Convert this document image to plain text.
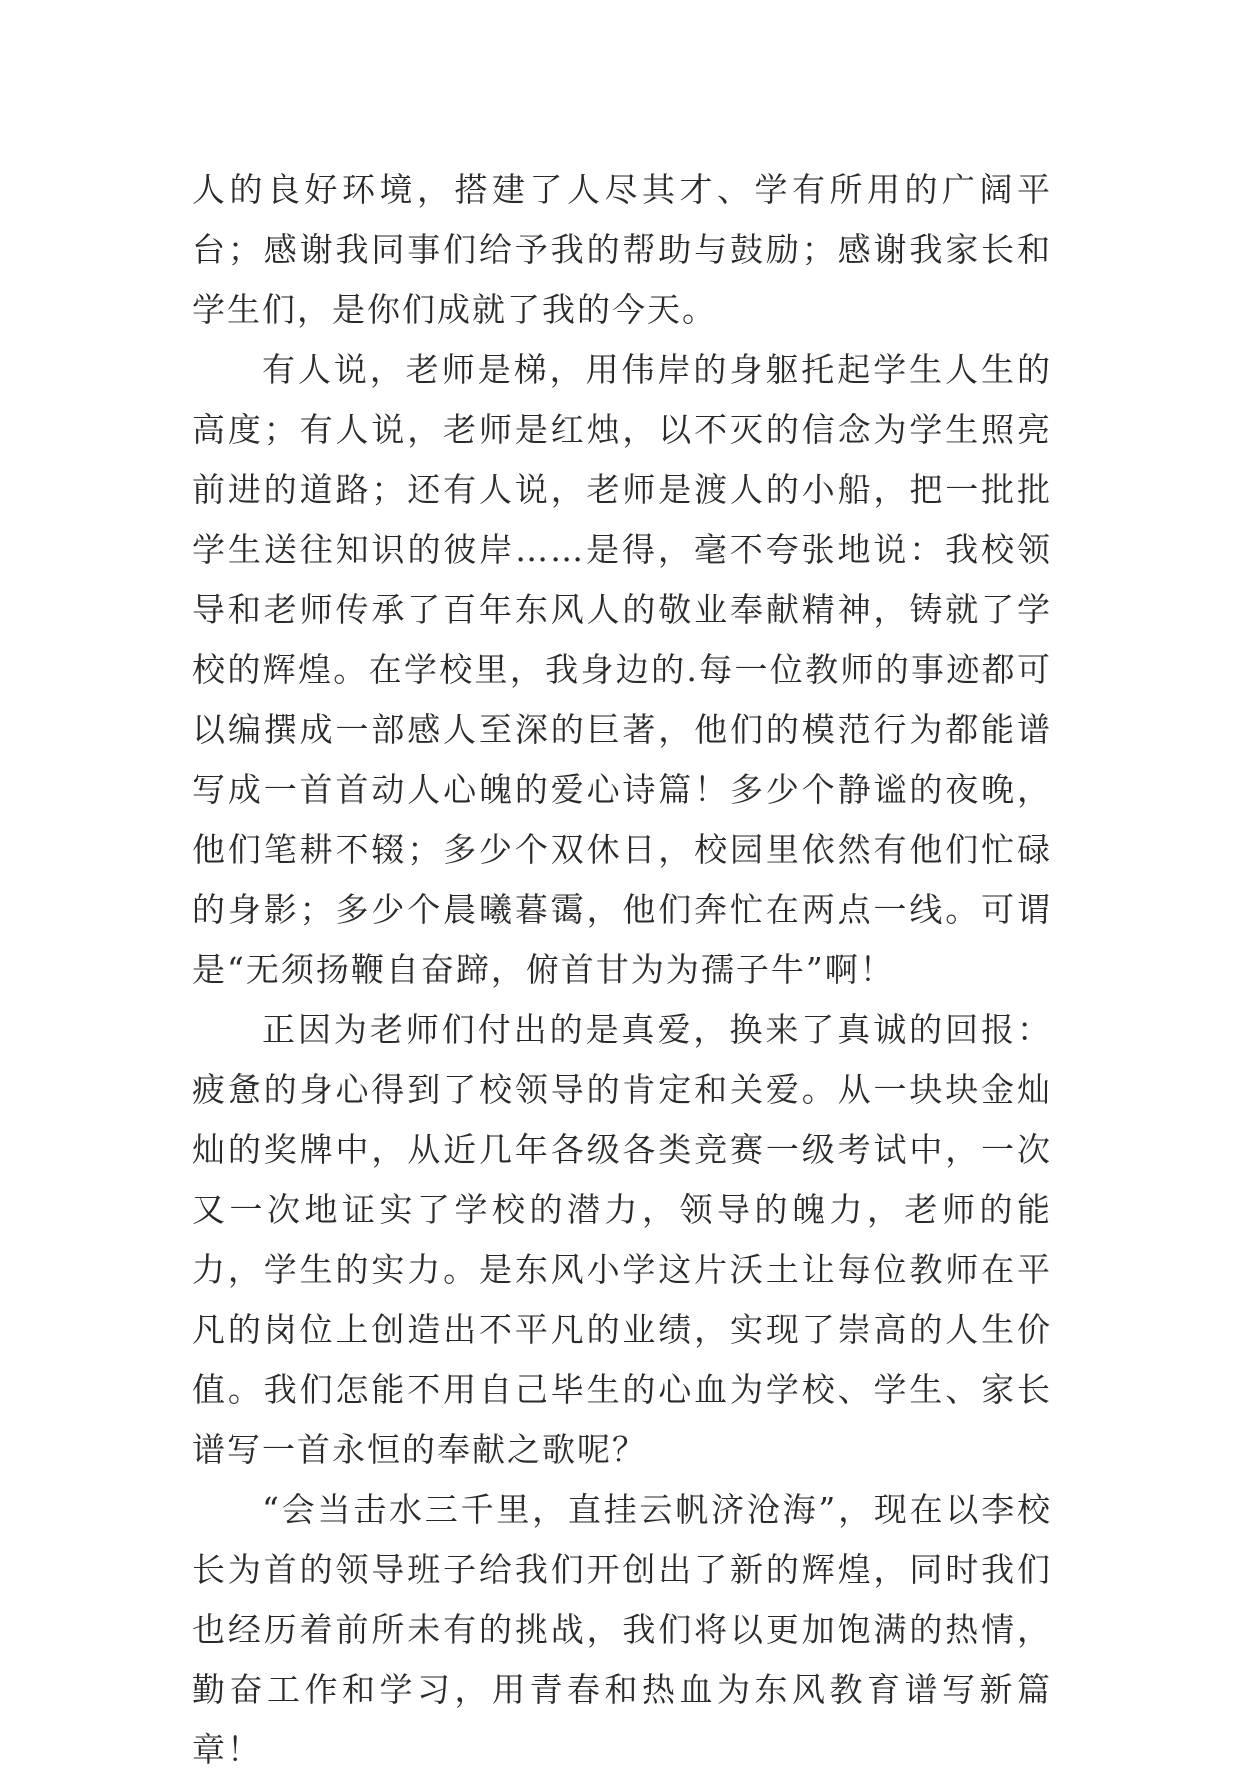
人的良好环境，搭建了人尽其才、学有所用的广阔平台；感谢我同事们给予我的帮助与鼓励；感谢我家长和学生们，是你们成就了我的今天。

有人说，老师是梯，用伟岸的身躯托起学生人生的高度；有人说，老师是红烛，以不灭的信念为学生照亮前进的道路；还有人说，老师是渡人的小船，把一批批学生送往知识的彼岸……是得，毫不夸张地说：我校领导和老师传承了百年东风人的敬业奉献精神，铸就了学校的辉煌。在学校里，我身边的.每一位教师的事迹都可以编撰成一部感人至深的巨著，他们的模范行为都能谱写成一首首动人心魄的爱心诗篇！多少个静谧的夜晚，他们笔耕不辍；多少个双休日，校园里依然有他们忙碌的身影；多少个晨曦暮霭，他们奔忙在两点一线。可谓是“无须扬鞭自奋蹄，俯首甘为为孺子牛”啊！

正因为老师们付出的是真爱，换来了真诚的回报：疲惫的身心得到了校领导的肯定和关爱。从一块块金灿灿的奖牌中，从近几年各级各类竞赛一级考试中，一次又一次地证实了学校的潜力，领导的魄力，老师的能力，学生的实力。是东风小学这片沃土让每位教师在平凡的岗位上创造出不平凡的业绩，实现了崇高的人生价值。我们怎能不用自己毕生的心血为学校、学生、家长谱写一首永恒的奉献之歌呢？

“会当击水三千里，直挂云帆济沧海”，现在以李校长为首的领导班子给我们开创出了新的辉煌，同时我们也经历着前所未有的挑战，我们将以更加饱满的热情，勤奋工作和学习，用青春和热血为东风教育谱写新篇章！
